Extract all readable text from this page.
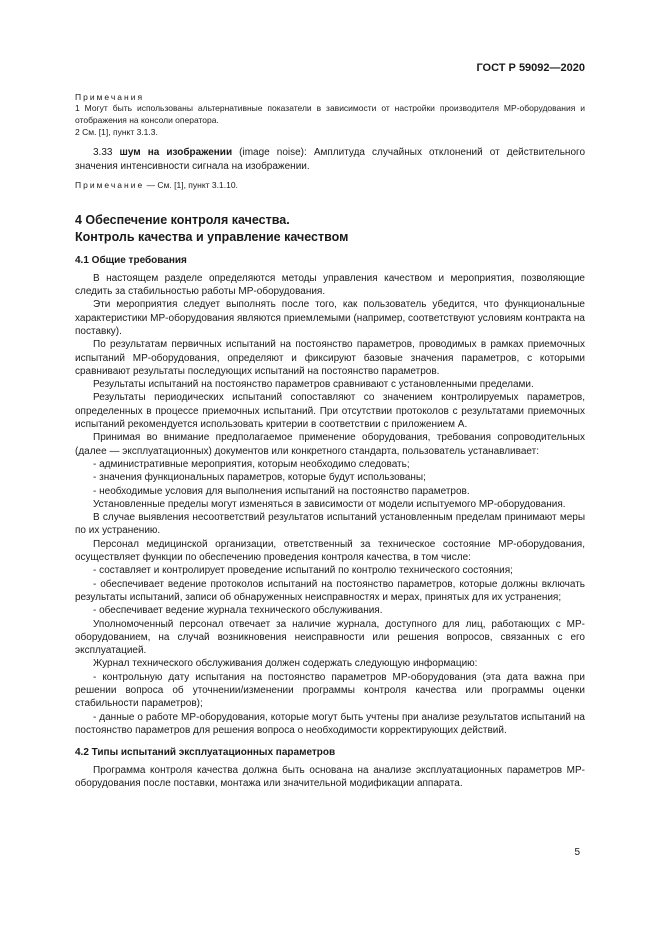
ГОСТ Р 59092—2020
Примечания

1 Могут быть использованы альтернативные показатели в зависимости от настройки производителя МР-оборудования и отображения на консоли оператора.

2 См. [1], пункт 3.1.3.

3.33 шум на изображении (image noise): Амплитуда случайных отклонений от действительного значения интенсивности сигнала на изображении.

Примечание — См. [1], пункт 3.1.10.

4 Обеспечение контроля качества.
Контроль качества и управление качеством
4.1 Общие требования

В настоящем разделе определяются методы управления качеством и мероприятия, позволяющие следить за стабильностью работы МР-оборудования.

Эти мероприятия следует выполнять после того, как пользователь убедится, что функциональные характеристики МР-оборудования являются приемлемыми (например, соответствуют условиям контракта на поставку).

По результатам первичных испытаний на постоянство параметров, проводимых в рамках приемочных испытаний МР-оборудования, определяют и фиксируют базовые значения параметров, с которыми сравнивают результаты последующих испытаний на постоянство параметров.

Результаты испытаний на постоянство параметров сравнивают с установленными пределами.

Результаты периодических испытаний сопоставляют со значением контролируемых параметров, определенных в процессе приемочных испытаний. При отсутствии протоколов с результатами приемочных испытаний рекомендуется использовать критерии в соответствии с приложением А.

Принимая во внимание предполагаемое применение оборудования, требования сопроводительных (далее — эксплуатационных) документов или конкретного стандарта, пользователь устанавливает:

- административные мероприятия, которым необходимо следовать;

- значения функциональных параметров, которые будут использованы;

- необходимые условия для выполнения испытаний на постоянство параметров.

Установленные пределы могут изменяться в зависимости от модели испытуемого МР-оборудования.

В случае выявления несоответствий результатов испытаний установленным пределам принимают меры по их устранению.

Персонал медицинской организации, ответственный за техническое состояние МР-оборудования, осуществляет функции по обеспечению проведения контроля качества, в том числе:

- составляет и контролирует проведение испытаний по контролю технического состояния;

- обеспечивает ведение протоколов испытаний на постоянство параметров, которые должны включать результаты испытаний, записи об обнаруженных неисправностях и мерах, принятых для их устранения;

- обеспечивает ведение журнала технического обслуживания.

Уполномоченный персонал отвечает за наличие журнала, доступного для лиц, работающих с МР-оборудованием, на случай возникновения неисправности или решения вопросов, связанных с его эксплуатацией.

Журнал технического обслуживания должен содержать следующую информацию:

- контрольную дату испытания на постоянство параметров МР-оборудования (эта дата важна при решении вопроса об уточнении/изменении программы контроля качества или программы оценки стабильности параметров);

- данные о работе МР-оборудования, которые могут быть учтены при анализе результатов испытаний на постоянство параметров для решения вопроса о необходимости корректирующих действий.

4.2 Типы испытаний эксплуатационных параметров

Программа контроля качества должна быть основана на анализе эксплуатационных параметров МР-оборудования после поставки, монтажа или значительной модификации аппарата.

5
